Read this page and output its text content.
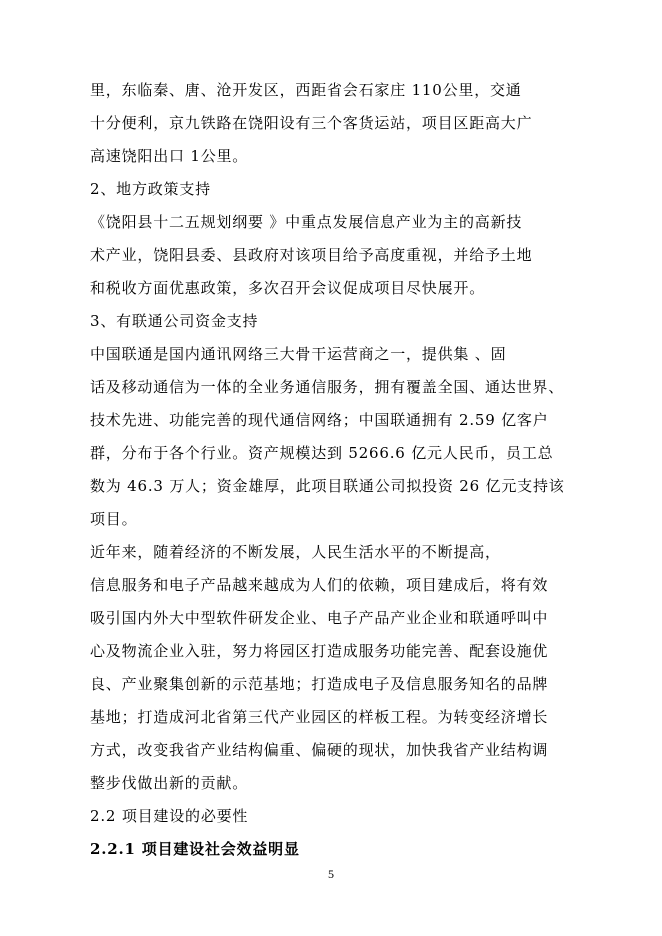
里，东临秦、唐、沧开发区，西距省会石家庄 110公里，交通
十分便利，京九铁路在饶阳设有三个客货运站，项目区距高大广
高速饶阳出口 1公里。
2、地方政策支持
《饶阳县十二五规划纲要 》中重点发展信息产业为主的高新技
术产业，饶阳县委、县政府对该项目给予高度重视，并给予土地
和税收方面优惠政策，多次召开会议促成项目尽快展开。
3、有联通公司资金支持
中国联通是国内通讯网络三大骨干运营商之一，提供集 、固
话及移动通信为一体的全业务通信服务，拥有覆盖全国、通达世界、
技术先进、功能完善的现代通信网络；中国联通拥有 2.59 亿客户
群，分布于各个行业。资产规模达到 5266.6 亿元人民币，员工总
数为 46.3 万人；资金雄厚，此项目联通公司拟投资 26 亿元支持该
项目。
近年来，随着经济的不断发展，人民生活水平的不断提高，
信息服务和电子产品越来越成为人们的依赖，项目建成后，将有效
吸引国内外大中型软件研发企业、电子产品产业企业和联通呼叫中
心及物流企业入驻，努力将园区打造成服务功能完善、配套设施优
良、产业聚集创新的示范基地；打造成电子及信息服务知名的品牌
基地；打造成河北省第三代产业园区的样板工程。为转变经济增长
方式，改变我省产业结构偏重、偏硬的现状，加快我省产业结构调
整步伐做出新的贡献。
2.2 项目建设的必要性
2.2.1 项目建设社会效益明显
5
